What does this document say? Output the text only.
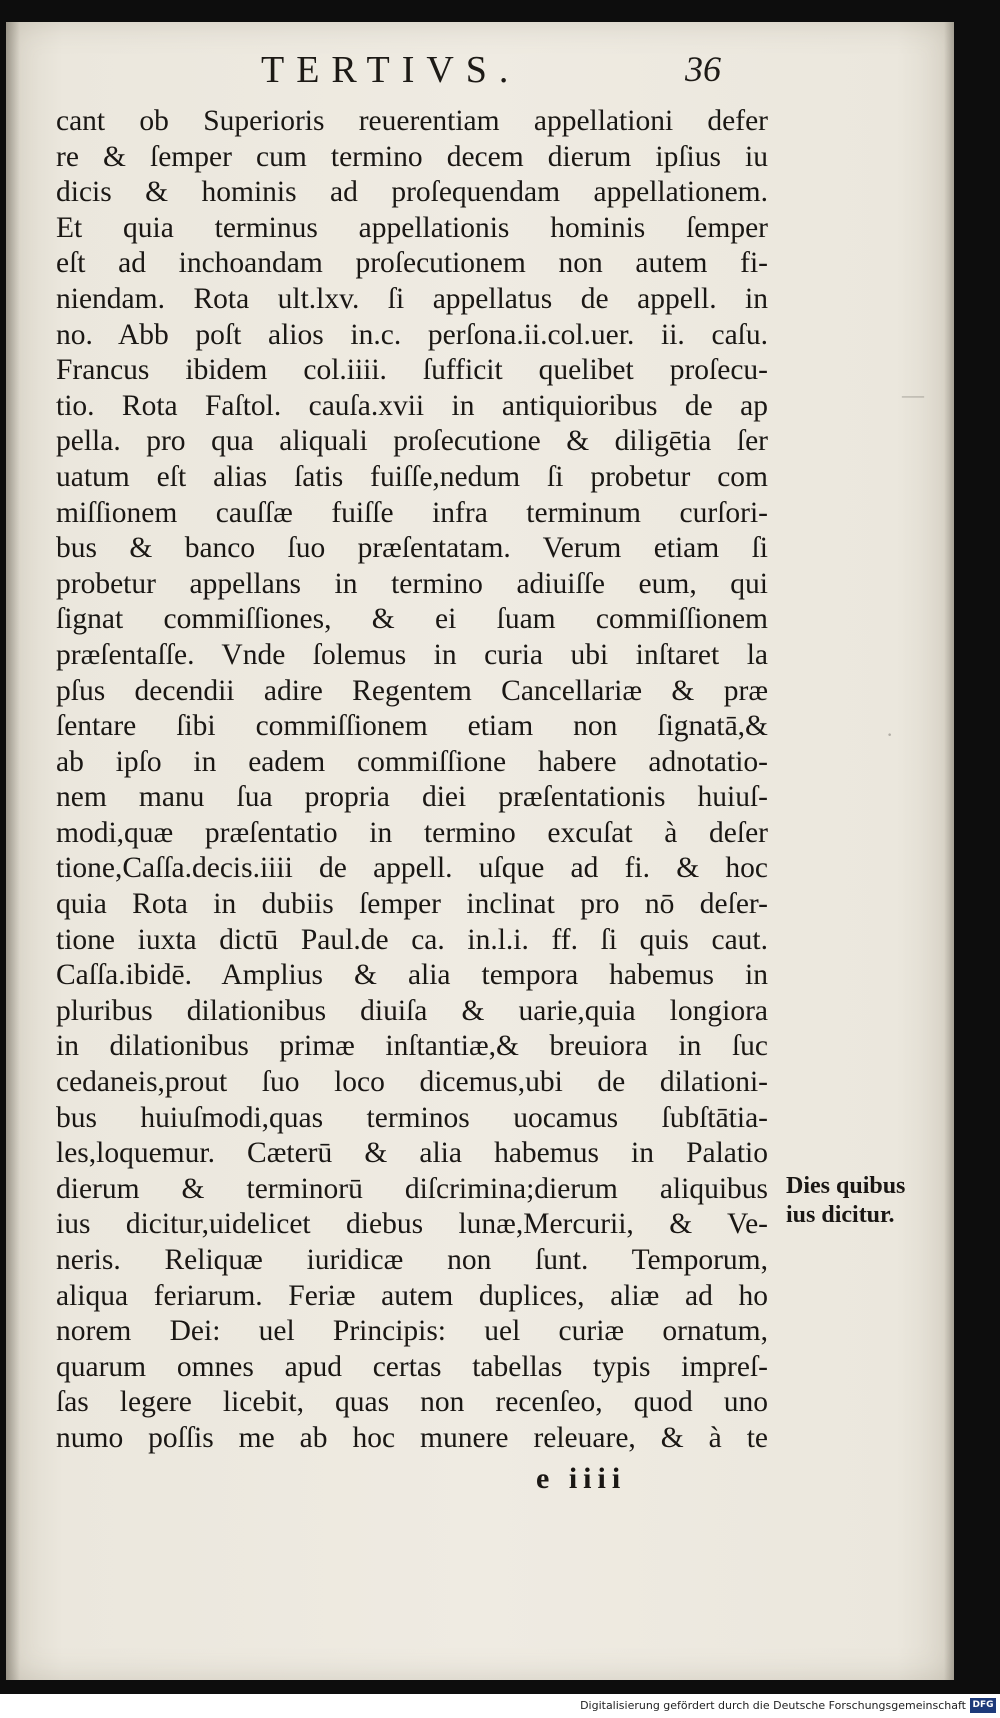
TERTIVS.	36
cant ob Superioris reuerentiam appellationi defer
re & ſemper cum termino decem dierum ipſius iu
dicis & hominis ad proſequendam appellationem.
Et quia terminus appellationis hominis ſemper
eſt ad inchoandam proſecutionem non autem fi-
niendam. Rota ult.lxv. ſi appellatus de appell. in
no. Abb poſt alios in.c. perſona.ii.col.uer. ii. caſu.
Francus ibidem col.iiii. ſufficit quelibet proſecu-
tio. Rota Faſtol. cauſa.xvii in antiquioribus de ap
pella. pro qua aliquali proſecutione & diligētia ſer
uatum eſt alias ſatis fuiſſe,nedum ſi probetur com
miſſionem cauſſæ fuiſſe infra terminum curſori-
bus & banco ſuo præſentatam. Verum etiam ſi
probetur appellans in termino adiuiſſe eum, qui
ſignat commiſſiones, & ei ſuam commiſſionem
præſentaſſe. Vnde ſolemus in curia ubi inſtaret la
pſus decendii adire Regentem Cancellariæ & præ
ſentare ſibi commiſſionem etiam non ſignatā,&
ab ipſo in eadem commiſſione habere adnotatio-
nem manu ſua propria diei præſentationis huiuſ-
modi,quæ præſentatio in termino excuſat à deſer
tione,Caſſa.decis.iiii de appell. uſque ad fi. & hoc
quia Rota in dubiis ſemper inclinat pro nō deſer-
tione iuxta dictū Paul.de ca. in.l.i. ff. ſi quis caut.
Caſſa.ibidē. Amplius & alia tempora habemus in
pluribus dilationibus diuiſa & uarie,quia longiora
in dilationibus primæ inſtantiæ,& breuiora in ſuc
cedaneis,prout ſuo loco dicemus,ubi de dilationi-
bus huiuſmodi,quas terminos uocamus ſubſtātia-
les,loquemur. Cæterū & alia habemus in Palatio
dierum & terminorū diſcrimina;dierum aliquibus
ius dicitur,uidelicet diebus lunæ,Mercurii, & Ve-
neris. Reliquæ iuridicæ non ſunt. Temporum,
aliqua feriarum. Feriæ autem duplices, aliæ ad ho
norem Dei: uel Principis: uel curiæ ornatum,
quarum omnes apud certas tabellas typis impreſ-
ſas legere licebit, quas non recenſeo, quod uno
numo poſſis me ab hoc munere releuare, & à te
Dies quibus
ius dicitur.
e iiii
—
·
Digitalisierung gefördert durch die Deutsche Forschungsgemeinschaft DFG
